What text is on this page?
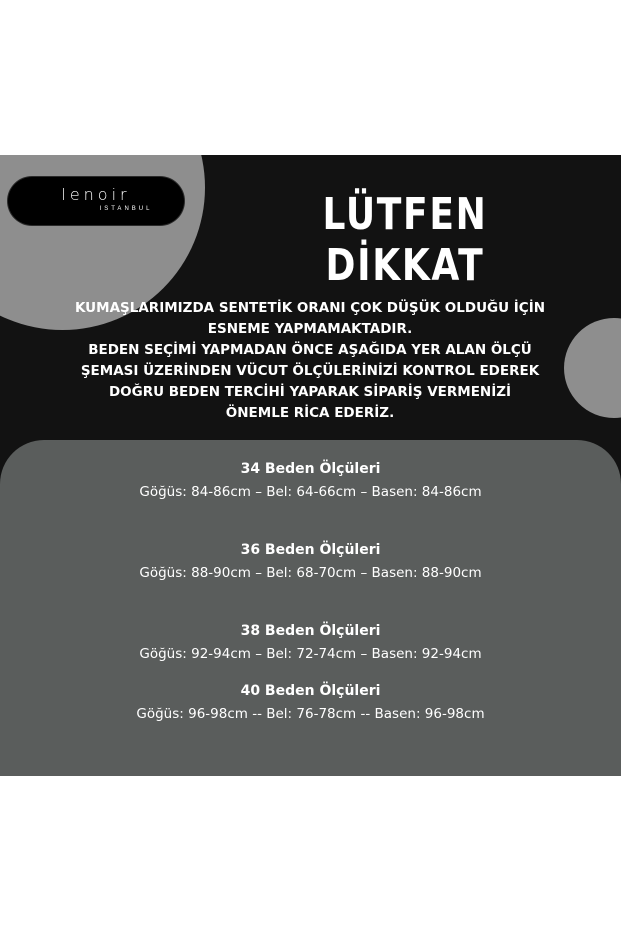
lenoir
ISTANBUL	LÜTFEN DİKKAT
KUMAŞLARIMIZDA SENTETİK ORANI ÇOK DÜŞÜK OLDUĞU İÇİN
ESNEME YAPMAMAKTADIR.
BEDEN SEÇİMİ YAPMADAN ÖNCE AŞAĞIDA YER ALAN ÖLÇÜ
ŞEMASI ÜZERİNDEN VÜCUT ÖLÇÜLERİNİZİ KONTROL EDEREK
DOĞRU BEDEN TERCİHİ YAPARAK SİPARİŞ VERMENİZİ
ÖNEMLE RİCA EDERİZ.
34 Beden Ölçüleri
Göğüs: 84-86cm – Bel: 64-66cm – Basen: 84-86cm
36 Beden Ölçüleri
Göğüs: 88-90cm – Bel: 68-70cm – Basen: 88-90cm
38 Beden Ölçüleri
Göğüs: 92-94cm – Bel: 72-74cm – Basen: 92-94cm
40 Beden Ölçüleri
Göğüs: 96-98cm -- Bel: 76-78cm -- Basen: 96-98cm
